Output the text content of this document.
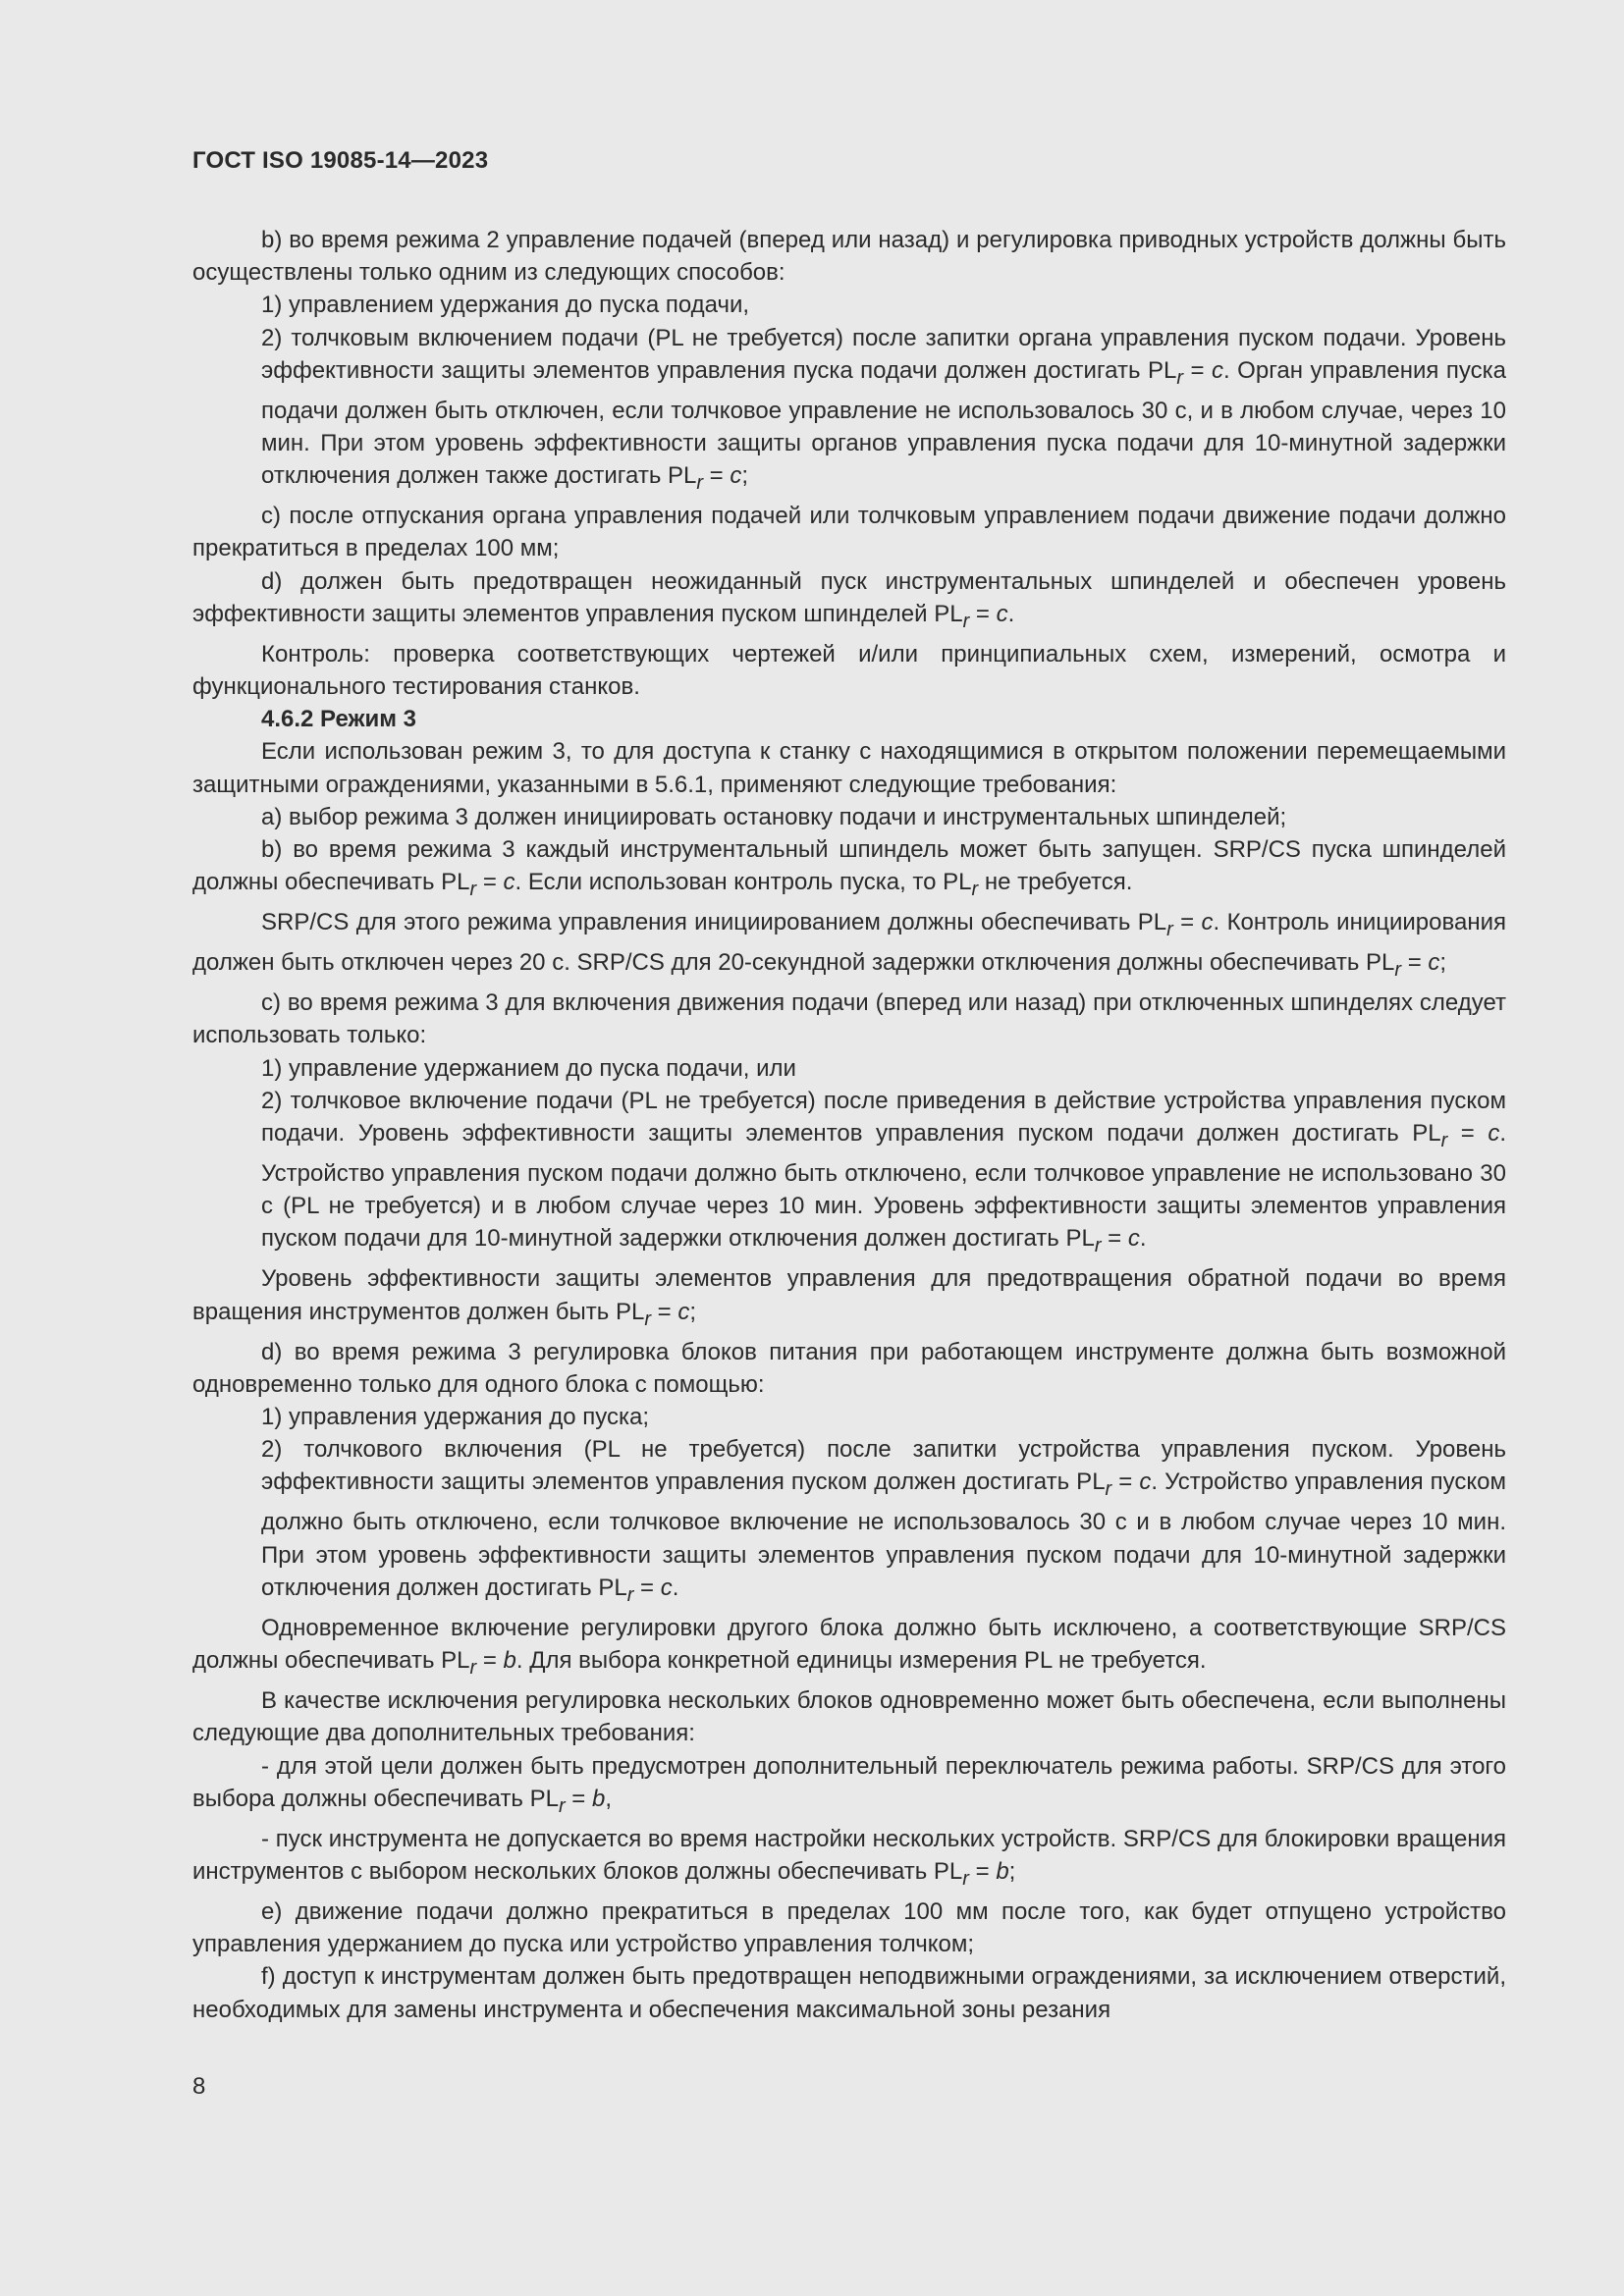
ГОСТ ISO 19085-14—2023

b) во время режима 2 управление подачей (вперед или назад) и регулировка приводных устройств должны быть осуществлены только одним из следующих способов:

1) управлением удержания до пуска подачи,

2) толчковым включением подачи (PL не требуется) после запитки органа управления пуском подачи. Уровень эффективности защиты элементов управления пуска подачи должен достигать $PL_r = c$. Орган управления пуска подачи должен быть отключен, если толчковое управление не использовалось 30 с, и в любом случае, через 10 мин. При этом уровень эффективности защиты органов управления пуска подачи для 10-минутной задержки отключения должен также достигать $PL_r = c$;

c) после отпускания органа управления подачей или толчковым управлением подачи движение подачи должно прекратиться в пределах 100 мм;

d) должен быть предотвращен неожиданный пуск инструментальных шпинделей и обеспечен уровень эффективности защиты элементов управления пуском шпинделей $PL_r = c$.

Контроль: проверка соответствующих чертежей и/или принципиальных схем, измерений, осмотра и функционального тестирования станков.

4.6.2 Режим 3

Если использован режим 3, то для доступа к станку с находящимися в открытом положении перемещаемыми защитными ограждениями, указанными в 5.6.1, применяют следующие требования:

a) выбор режима 3 должен инициировать остановку подачи и инструментальных шпинделей;

b) во время режима 3 каждый инструментальный шпиндель может быть запущен. SRP/CS пуска шпинделей должны обеспечивать $PL_r = c$. Если использован контроль пуска, то $PL_r$ не требуется.

SRP/CS для этого режима управления инициированием должны обеспечивать $PL_r = c$. Контроль инициирования должен быть отключен через 20 с. SRP/CS для 20-секундной задержки отключения должны обеспечивать $PL_r = c$;

c) во время режима 3 для включения движения подачи (вперед или назад) при отключенных шпинделях следует использовать только:

1) управление удержанием до пуска подачи, или

2) толчковое включение подачи (PL не требуется) после приведения в действие устройства управления пуском подачи. Уровень эффективности защиты элементов управления пуском подачи должен достигать $PL_r = c$. Устройство управления пуском подачи должно быть отключено, если толчковое управление не использовано 30 с (PL не требуется) и в любом случае через 10 мин. Уровень эффективности защиты элементов управления пуском подачи для 10-минутной задержки отключения должен достигать $PL_r = c$.

Уровень эффективности защиты элементов управления для предотвращения обратной подачи во время вращения инструментов должен быть $PL_r = c$;

d) во время режима 3 регулировка блоков питания при работающем инструменте должна быть возможной одновременно только для одного блока с помощью:

1) управления удержания до пуска;

2) толчкового включения (PL не требуется) после запитки устройства управления пуском. Уровень эффективности защиты элементов управления пуском должен достигать $PL_r = c$. Устройство управления пуском должно быть отключено, если толчковое включение не использовалось 30 с и в любом случае через 10 мин. При этом уровень эффективности защиты элементов управления пуском подачи для 10-минутной задержки отключения должен достигать $PL_r = c$.

Одновременное включение регулировки другого блока должно быть исключено, а соответствующие SRP/CS должны обеспечивать $PL_r = b$. Для выбора конкретной единицы измерения PL не требуется.

В качестве исключения регулировка нескольких блоков одновременно может быть обеспечена, если выполнены следующие два дополнительных требования:

- для этой цели должен быть предусмотрен дополнительный переключатель режима работы. SRP/CS для этого выбора должны обеспечивать $PL_r = b$,

- пуск инструмента не допускается во время настройки нескольких устройств. SRP/CS для блокировки вращения инструментов с выбором нескольких блоков должны обеспечивать $PL_r = b$;

e) движение подачи должно прекратиться в пределах 100 мм после того, как будет отпущено устройство управления удержанием до пуска или устройство управления толчком;

f) доступ к инструментам должен быть предотвращен неподвижными ограждениями, за исключением отверстий, необходимых для замены инструмента и обеспечения максимальной зоны резания

8
